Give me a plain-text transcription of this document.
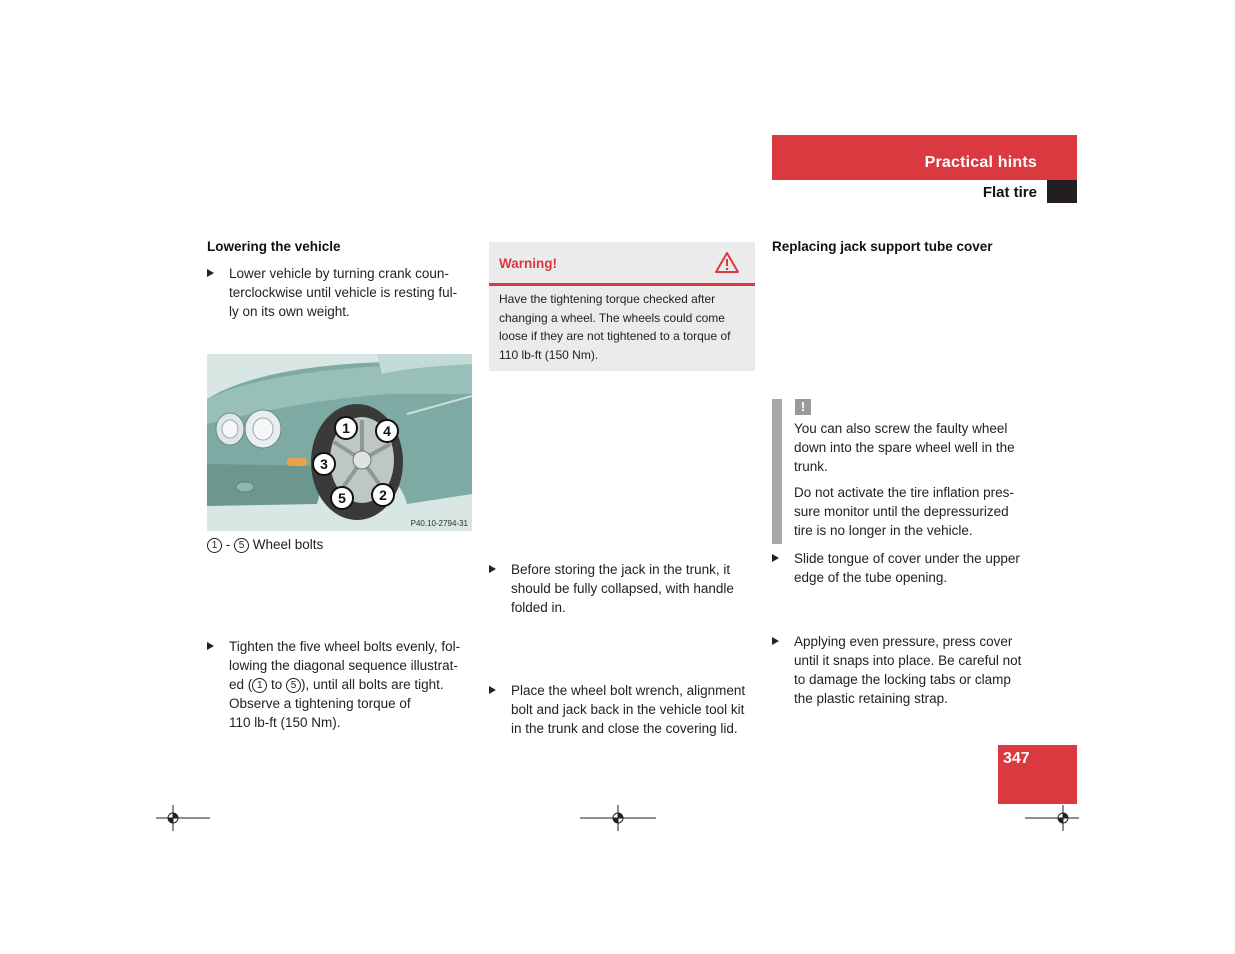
Practical hints
Flat tire
Lowering the vehicle
Lower vehicle by turning crank coun-
terclockwise until vehicle is resting ful-
ly on its own weight.
1 4
3
5 2
P40.10-2794-31
1 - 5 Wheel bolts
Tighten the five wheel bolts evenly, fol-
lowing the diagonal sequence illustrat-
ed ( 1 to 5 ), until all bolts are tight.
Observe a tightening torque of
110 lb-ft (150 Nm).
Warning!
Have the tightening torque checked after
changing a wheel. The wheels could come
loose if they are not tightened to a torque of
110 lb-ft (150 Nm).
Before storing the jack in the trunk, it
should be fully collapsed, with handle
folded in.
Place the wheel bolt wrench, alignment
bolt and jack back in the vehicle tool kit
in the trunk and close the covering lid.
Replacing jack support tube cover
Slide tongue of cover under the upper
edge of the tube opening.
Applying even pressure, press cover
until it snaps into place. Be careful not
to damage the locking tabs or clamp
the plastic retaining strap.
!
You can also screw the faulty wheel
down into the spare wheel well in the
trunk.
Do not activate the tire inflation pres-
sure monitor until the depressurized
tire is no longer in the vehicle.
347
